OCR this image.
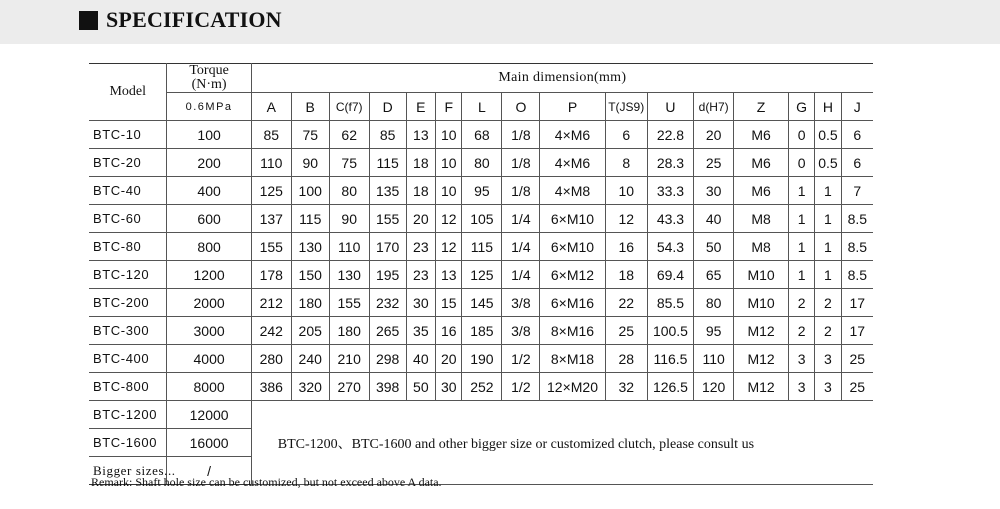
SPECIFICATION
Model	Torque
(N·m)	Main dimension(mm)															
	0.6MPa	A	B	C(f7)	D	E	F	L	O	P	T(JS9)	U	d(H7)	Z	G	H	J
BTC-10	100	85	75	62	85	13	10	68	1/8	4×M6	6	22.8	20	M6	0	0.5	6
BTC-20	200	110	90	75	115	18	10	80	1/8	4×M6	8	28.3	25	M6	0	0.5	6
BTC-40	400	125	100	80	135	18	10	95	1/8	4×M8	10	33.3	30	M6	1	1	7
BTC-60	600	137	115	90	155	20	12	105	1/4	6×M10	12	43.3	40	M8	1	1	8.5
BTC-80	800	155	130	110	170	23	12	115	1/4	6×M10	16	54.3	50	M8	1	1	8.5
BTC-120	1200	178	150	130	195	23	13	125	1/4	6×M12	18	69.4	65	M10	1	1	8.5
BTC-200	2000	212	180	155	232	30	15	145	3/8	6×M16	22	85.5	80	M10	2	2	17
BTC-300	3000	242	205	180	265	35	16	185	3/8	8×M16	25	100.5	95	M12	2	2	17
BTC-400	4000	280	240	210	298	40	20	190	1/2	8×M18	28	116.5	110	M12	3	3	25
BTC-800	8000	386	320	270	398	50	30	252	1/2	12×M20	32	126.5	120	M12	3	3	25
BTC-1200	12000	BTC-1200、BTC-1600 and other bigger size or customized clutch, please consult us															
BTC-1600	16000																
Bigger sizes...	/																
Remark: Shaft hole size can be customized, but not exceed above A data.
